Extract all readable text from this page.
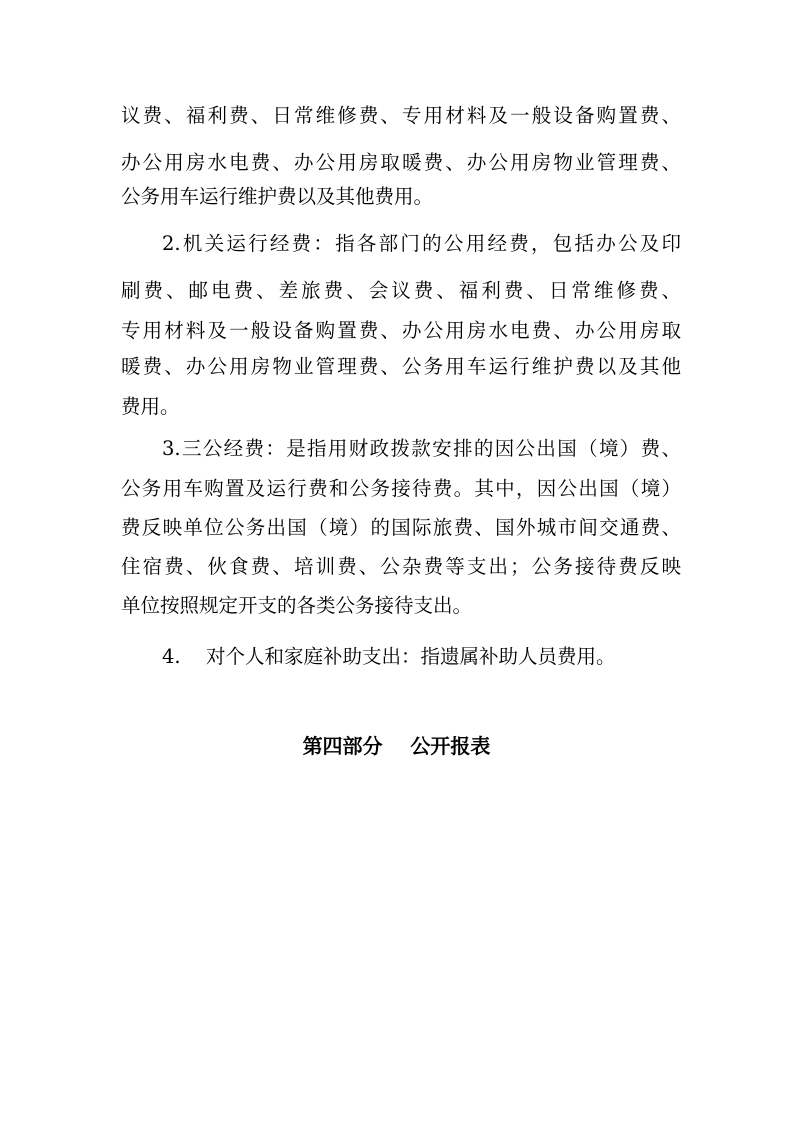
议费、福利费、日常维修费、专用材料及一般设备购置费、
办公用房水电费、办公用房取暖费、办公用房物业管理费、
公务用车运行维护费以及其他费用。
2.机关运行经费：指各部门的公用经费，包括办公及印
刷费、邮电费、差旅费、会议费、福利费、日常维修费、
专用材料及一般设备购置费、办公用房水电费、办公用房取
暖费、办公用房物业管理费、公务用车运行维护费以及其他
费用。
3.三公经费：是指用财政拨款安排的因公出国（境）费、
公务用车购置及运行费和公务接待费。其中，因公出国（境）
费反映单位公务出国（境）的国际旅费、国外城市间交通费、
住宿费、伙食费、培训费、公杂费等支出；公务接待费反映
单位按照规定开支的各类公务接待支出。
4. 对个人和家庭补助支出：指遗属补助人员费用。
第四部分    公开报表
